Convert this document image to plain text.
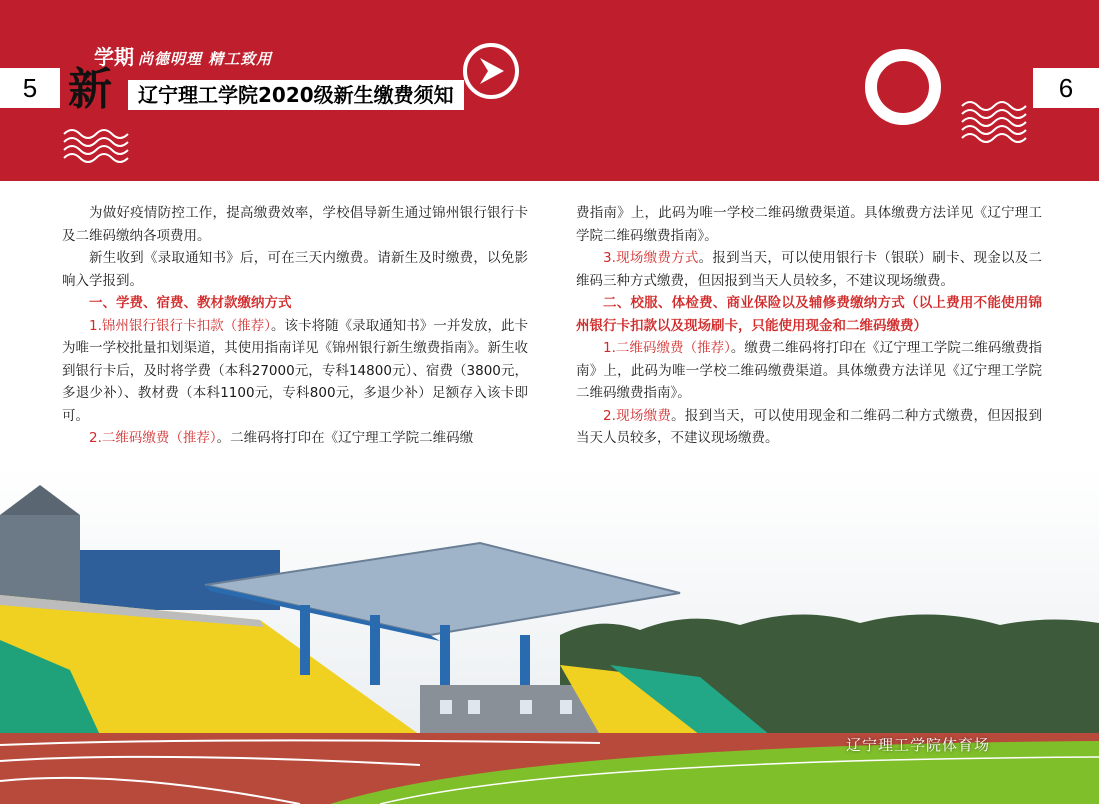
5	6
学期
新
尚德明理 精工致用
辽宁理工学院2020级新生缴费须知

为做好疫情防控工作，提高缴费效率，学校倡导新生通过锦州银行银行卡及二维码缴纳各项费用。

新生收到《录取通知书》后，可在三天内缴费。请新生及时缴费，以免影响入学报到。

一、学费、宿费、教材款缴纳方式

1.锦州银行银行卡扣款（推荐）。该卡将随《录取通知书》一并发放，此卡为唯一学校批量扣划渠道，其使用指南详见《锦州银行新生缴费指南》。新生收到银行卡后，及时将学费（本科27000元，专科14800元）、宿费（3800元，多退少补）、教材费（本科1100元，专科800元，多退少补）足额存入该卡即可。

2.二维码缴费（推荐）。二维码将打印在《辽宁理工学院二维码缴

费指南》上，此码为唯一学校二维码缴费渠道。具体缴费方法详见《辽宁理工学院二维码缴费指南》。

3.现场缴费方式。报到当天，可以使用银行卡（银联）刷卡、现金以及二维码三种方式缴费，但因报到当天人员较多，不建议现场缴费。

二、校服、体检费、商业保险以及辅修费缴纳方式（以上费用不能使用锦州银行卡扣款以及现场刷卡，只能使用现金和二维码缴费）

1.二维码缴费（推荐）。缴费二维码将打印在《辽宁理工学院二维码缴费指南》上，此码为唯一学校二维码缴费渠道。具体缴费方法详见《辽宁理工学院二维码缴费指南》。

2.现场缴费。报到当天，可以使用现金和二维码二种方式缴费，但因报到当天人员较多，不建议现场缴费。

辽宁理工学院体育场
